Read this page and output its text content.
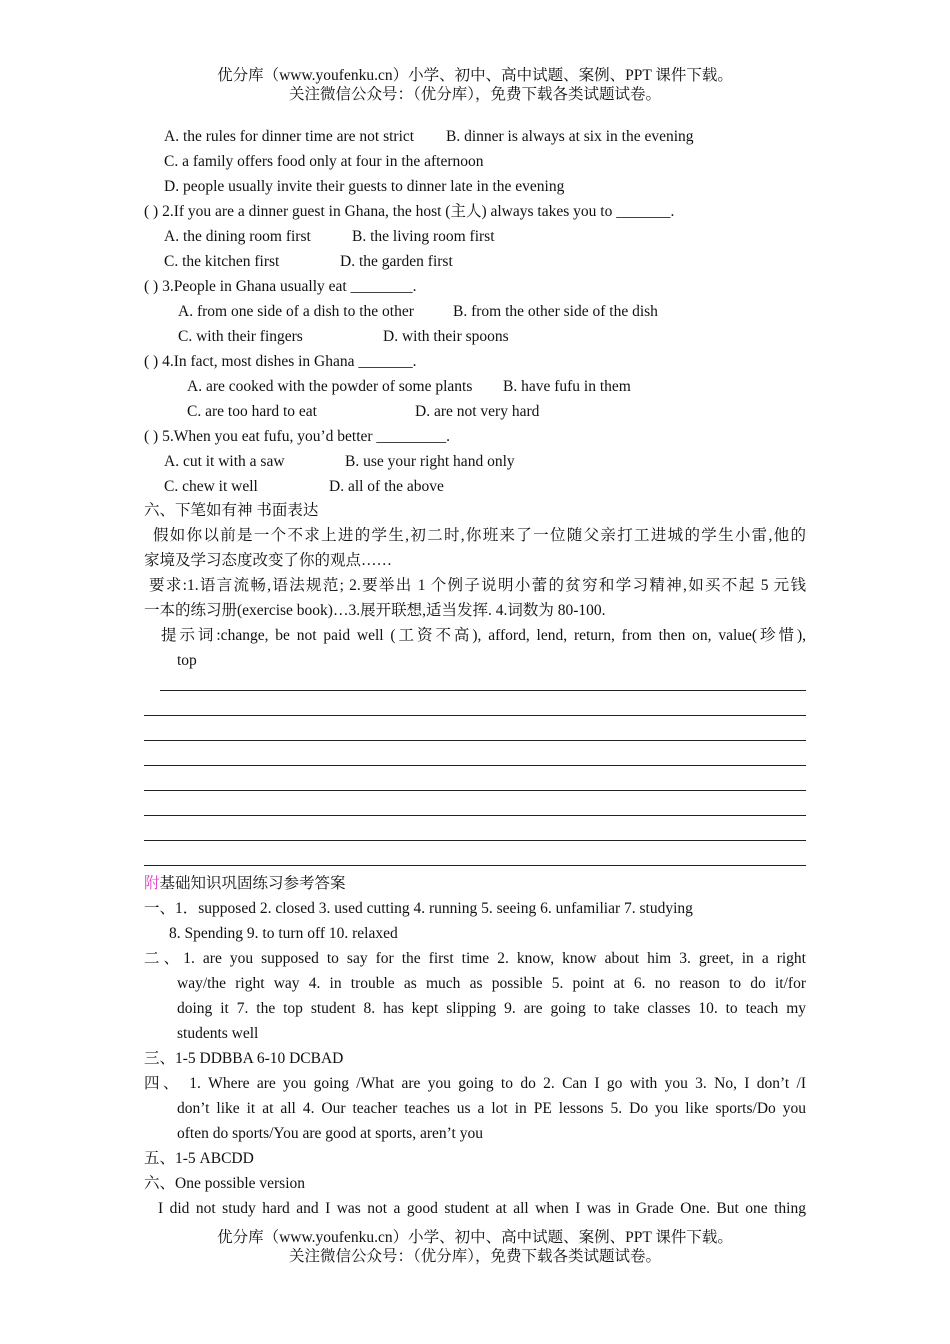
优分库（www.youfenku.cn）小学、初中、高中试题、案例、PPT 课件下载。
关注微信公众号：（优分库），免费下载各类试题试卷。
A. the rules for dinner time are not strict B. dinner is always at six in the evening
C. a family offers food only at four in the afternoon
D. people usually invite their guests to dinner late in the evening
( ) 2.If you are a dinner guest in Ghana, the host (主人) always takes you to _______.
A. the dining room first	B. the living room first
C. the kitchen first	D. the garden first
( ) 3.People in Ghana usually eat ________.
A. from one side of a dish to the other	B. from the other side of the dish
C. with their fingers	D. with their spoons
( ) 4.In fact, most dishes in Ghana _______.
A. are cooked with the powder of some plants B. have fufu in them
C. are too hard to eat	D. are not very hard
( ) 5.When you eat fufu, you’d better _________.
A. cut it with a saw	B. use your right hand only
C. chew it well	D. all of the above
六、下笔如有神 书面表达
假如你以前是一个不求上进的学生,初二时,你班来了一位随父亲打工进城的学生小雷,他的
家境及学习态度改变了你的观点……
要求:1.语言流畅,语法规范; 2.要举出 1 个例子说明小蕾的贫穷和学习精神,如买不起 5 元钱
一本的练习册(exercise book)…3.展开联想,适当发挥. 4.词数为 80-100.
提示词:change, be not paid well (工资不高), afford, lend, return, from then on, value(珍惜),
top
附基础知识巩固练习参考答案
一、1．supposed 2. closed 3. used cutting 4. running 5. seeing 6. unfamiliar 7. studying
8. Spending 9. to turn off 10. relaxed
二、1. are you supposed to say for the first time 2. know, know about him 3. greet, in a right
way/the right way 4. in trouble as much as possible 5. point at 6. no reason to do it/for
doing it 7. the top student 8. has kept slipping 9. are going to take classes 10. to teach my
students well
三、1-5 DDBBA 6-10 DCBAD
四、 1. Where are you going /What are you going to do 2. Can I go with you 3. No, I don’t /I
don’t like it at all 4. Our teacher teaches us a lot in PE lessons 5. Do you like sports/Do you
often do sports/You are good at sports, aren’t you
五、1-5 ABCDD
六、One possible version
I did not study hard and I was not a good student at all when I was in Grade One. But one thing
优分库（www.youfenku.cn）小学、初中、高中试题、案例、PPT 课件下载。
关注微信公众号：（优分库），免费下载各类试题试卷。
